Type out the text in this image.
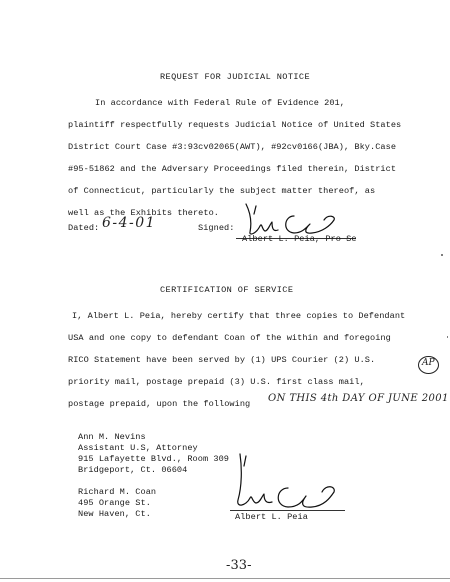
REQUEST FOR JUDICIAL NOTICE
In accordance with Federal Rule of Evidence 201,
plaintiff respectfully requests Judicial Notice of United States
District Court Case #3:93cv02065(AWT), #92cv0166(JBA), Bky.Case
#95-51862 and the Adversary Proceedings filed therein, District
of Connecticut, particularly the subject matter thereof, as
well as the Exhibits thereto.
Dated: 6-4-01	Signed:
Albert L. Peia, Pro Se
CERTIFICATION OF SERVICE
I, Albert L. Peia, hereby certify that three copies to Defendant
USA and one copy to defendant Coan of the within and foregoing
RICO Statement have been served by (1) UPS Courier (2) U.S.
priority mail, postage prepaid (3) U.S. first class mail,
postage prepaid, upon the following ON THIS 4th DAY OF JUNE 2001
AP
Ann M. Nevins
Assistant U.S, Attorney
915 Lafayette Blvd., Room 309
Bridgeport, Ct. 06604
Richard M. Coan
495 Orange St.
New Haven, Ct.	Albert L. Peia
-33-
